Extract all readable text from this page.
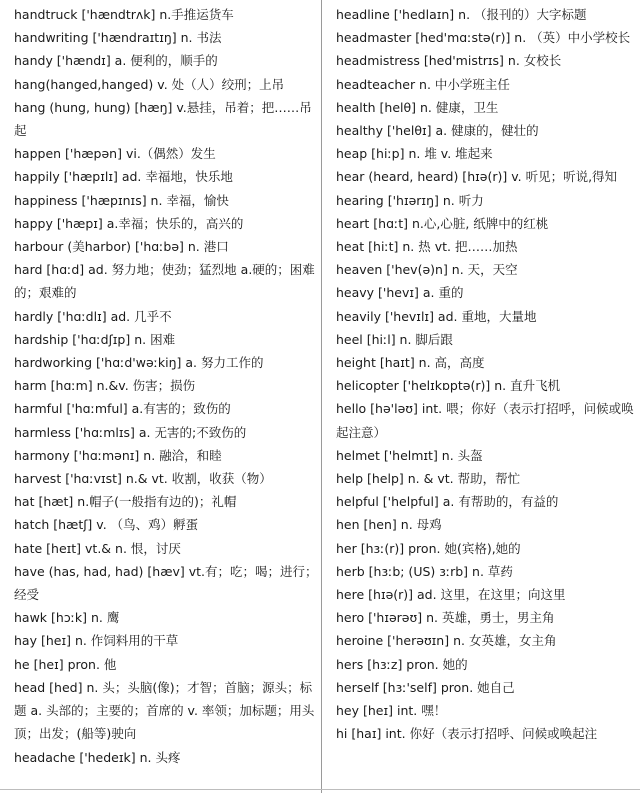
handtruck ['hændtrʌk] n.手推运货车
handwriting ['hændraɪtɪŋ] n. 书法
handy ['hændɪ] a. 便利的，顺手的
hang(hanged,hanged) v. 处（人）绞刑；上吊
hang (hung, hung) [hæŋ] v.悬挂，吊着；把……吊起
happen ['hæpən] vi.（偶然）发生
happily ['hæpɪlɪ] ad. 幸福地，快乐地
happiness ['hæpɪnɪs] n. 幸福，愉快
happy ['hæpɪ] a.幸福；快乐的，高兴的
harbour (美harbor) ['hɑːbə] n. 港口
hard [hɑːd] ad. 努力地；使劲；猛烈地 a.硬的；困难的；艰难的
hardly ['hɑːdlɪ] ad. 几乎不
hardship ['hɑːdʃɪp] n. 困难
hardworking ['hɑːd'wəːkiŋ] a. 努力工作的
harm [hɑːm] n.&v. 伤害；损伤
harmful ['hɑːmful] a.有害的；致伤的
harmless ['hɑːmlɪs] a. 无害的;不致伤的
harmony ['hɑːmənɪ] n. 融洽，和睦
harvest ['hɑːvɪst] n.& vt. 收割，收获（物）
hat [hæt] n.帽子(一般指有边的)；礼帽
hatch [hætʃ] v. （鸟、鸡）孵蛋
hate [heɪt] vt.& n. 恨，讨厌
have (has, had, had) [hæv] vt.有；吃；喝；进行；经受
hawk [hɔːk] n. 鹰
hay [heɪ] n. 作饲料用的干草
he [heɪ] pron. 他
head [hed] n. 头；头脑(像)；才智；首脑；源头；标题 a. 头部的；主要的；首席的 v. 率领；加标题；用头顶；出发；(船等)驶向
headache ['hedeɪk] n. 头疼
headline ['hedlaɪn] n. （报刊的）大字标题
headmaster [hed'mɑːstə(r)] n. （英）中小学校长
headmistress [hed'mistrɪs] n. 女校长
headteacher n. 中小学班主任
health [helθ] n. 健康，卫生
healthy ['helθɪ] a. 健康的，健壮的
heap [hiːp] n. 堆 v. 堆起来
hear (heard, heard) [hɪə(r)] v. 听见；听说,得知
hearing ['hɪərɪŋ] n. 听力
heart [hɑːt] n.心,心脏, 纸牌中的红桃
heat [hiːt] n. 热 vt. 把……加热
heaven ['hev(ə)n] n. 天，天空
heavy ['hevɪ] a. 重的
heavily ['hevɪlɪ] ad. 重地，大量地
heel [hiːl] n. 脚后跟
height [haɪt] n. 高，高度
helicopter ['helɪkɒptə(r)] n. 直升飞机
hello [hə'ləʊ] int. 喂；你好（表示打招呼，问候或唤起注意）
helmet ['helmɪt] n. 头盔
help [help] n. & vt. 帮助，帮忙
helpful ['helpful] a. 有帮助的，有益的
hen [hen] n. 母鸡
her [hɜː(r)] pron. 她(宾格),她的
herb [hɜːb; (US) ɜːrb] n. 草药
here [hɪə(r)] ad. 这里，在这里；向这里
hero ['hɪərəʊ] n. 英雄，勇士，男主角
heroine ['herəʊɪn] n. 女英雄，女主角
hers [hɜːz] pron. 她的
herself [hɜː'self] pron. 她自己
hey [heɪ] int. 嘿！
hi [haɪ] int. 你好（表示打招呼、问候或唤起注
